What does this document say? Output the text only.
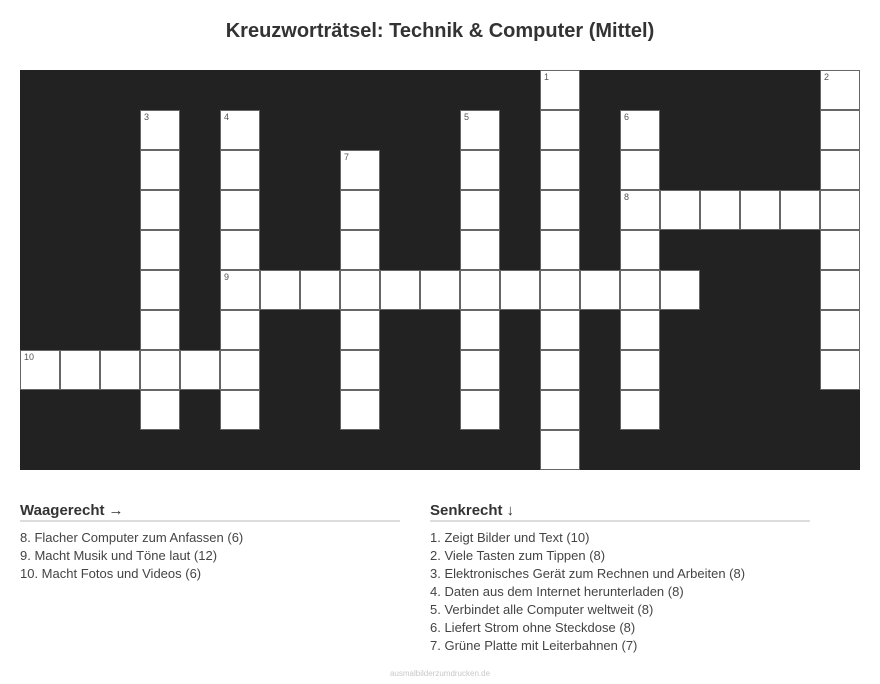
Kreuzworträtsel: Technik & Computer (Mittel)
1	2
3	4
9
5	6
8
7
10
Waagerecht →
8. Flacher Computer zum Anfassen (6)
9. Macht Musik und Töne laut (12)
10. Macht Fotos und Videos (6)
Senkrecht ↓
1. Zeigt Bilder und Text (10)
2. Viele Tasten zum Tippen (8)
3. Elektronisches Gerät zum Rechnen und Arbeiten (8)
4. Daten aus dem Internet herunterladen (8)
5. Verbindet alle Computer weltweit (8)
6. Liefert Strom ohne Steckdose (8)
7. Grüne Platte mit Leiterbahnen (7)
ausmalbilderzumdrucken.de
